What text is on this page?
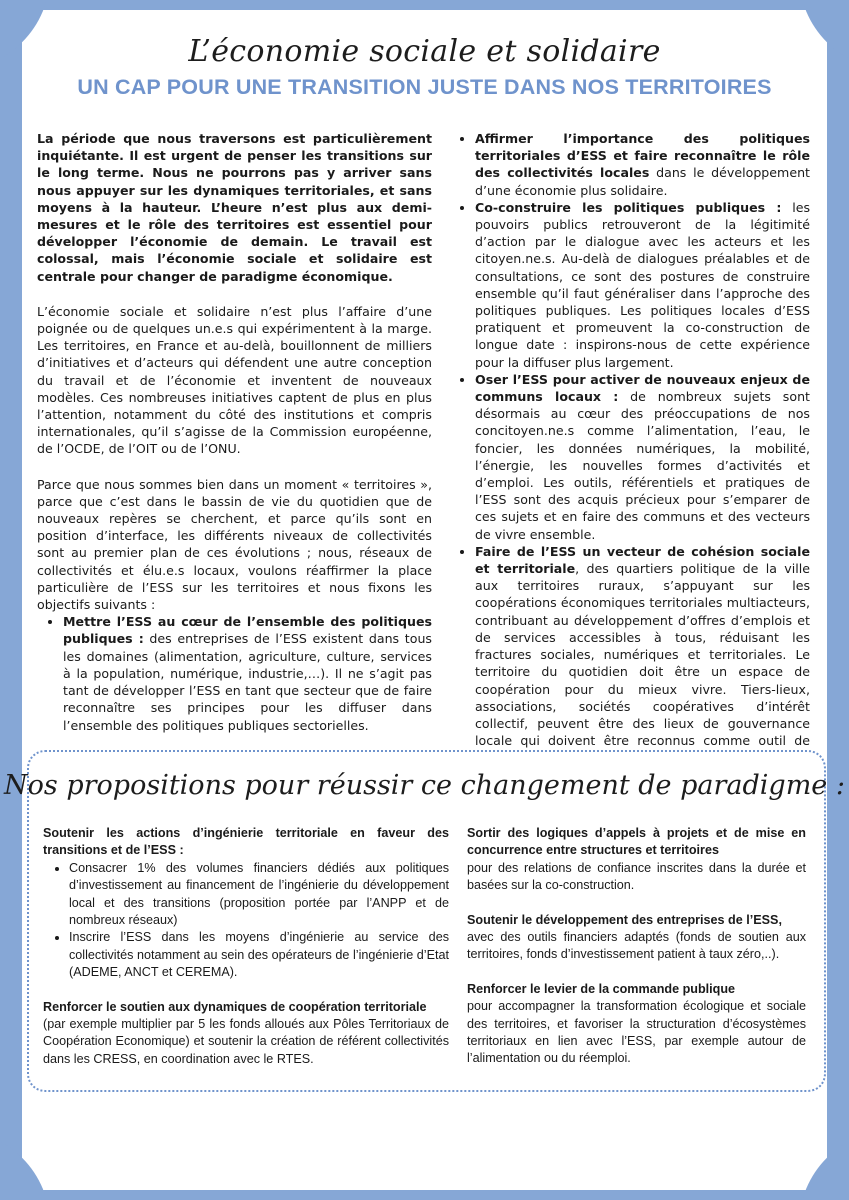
L’économie sociale et solidaire
UN CAP POUR UNE TRANSITION JUSTE DANS NOS TERRITOIRES

La période que nous traversons est particulièrement inquiétante. Il est urgent de penser les transitions sur le long terme. Nous ne pourrons pas y arriver sans nous appuyer sur les dynamiques territoriales, et sans moyens à la hauteur. L’heure n’est plus aux demi-mesures et le rôle des territoires est essentiel pour développer l’économie de demain. Le travail est colossal, mais l’économie sociale et solidaire est centrale pour changer de paradigme économique.

L’économie sociale et solidaire n’est plus l’affaire d’une poignée ou de quelques un.e.s qui expérimentent à la marge. Les territoires, en France et au-delà, bouillonnent de milliers d’initiatives et d’acteurs qui défendent une autre conception du travail et de l’économie et inventent de nouveaux modèles. Ces nombreuses initiatives captent de plus en plus l’attention, notamment du côté des institutions et compris internationales, qu’il s’agisse de la Commission européenne, de l’OCDE, de l’OIT ou de l’ONU.

Parce que nous sommes bien dans un moment « territoires », parce que c’est dans le bassin de vie du quotidien que de nouveaux repères se cherchent, et parce qu’ils sont en position d’interface, les différents niveaux de collectivités sont au premier plan de ces évolutions ; nous, réseaux de collectivités et élu.e.s locaux, voulons réaffirmer la place particulière de l’ESS sur les territoires et nous fixons les objectifs suivants :

• Mettre l’ESS au cœur de l’ensemble des politiques publiques : des entreprises de l’ESS existent dans tous les domaines (alimentation, agriculture, culture, services à la population, numérique, industrie,…). Il ne s’agit pas tant de développer l’ESS en tant que secteur que de faire reconnaître ses principes pour les diffuser dans l’ensemble des politiques publiques sectorielles.
• Affirmer l’importance des politiques territoriales d’ESS et faire reconnaître le rôle des collectivités locales dans le développement d’une économie plus solidaire.
• Co-construire les politiques publiques : les pouvoirs publics retrouveront de la légitimité d’action par le dialogue avec les acteurs et les citoyen.ne.s. Au-delà de dialogues préalables et de consultations, ce sont des postures de construire ensemble qu’il faut généraliser dans l’approche des politiques publiques. Les politiques locales d’ESS pratiquent et promeuvent la co-construction de longue date : inspirons-nous de cette expérience pour la diffuser plus largement.
• Oser l’ESS pour activer de nouveaux enjeux de communs locaux : de nombreux sujets sont désormais au cœur des préoccupations de nos concitoyen.ne.s comme l’alimentation, l’eau, le foncier, les données numériques, la mobilité, l’énergie, les nouvelles formes d’activités et d’emploi. Les outils, référentiels et pratiques de l’ESS sont des acquis précieux pour s’emparer de ces sujets et en faire des communs et des vecteurs de vivre ensemble.
• Faire de l’ESS un vecteur de cohésion sociale et territoriale, des quartiers politique de la ville aux territoires ruraux, s’appuyant sur les coopérations économiques territoriales multiacteurs, contribuant au développement d’offres d’emplois et de services accessibles à tous, réduisant les fractures sociales, numériques et territoriales. Le territoire du quotidien doit être un espace de coopération pour du mieux vivre. Tiers-lieux, associations, sociétés coopératives d’intérêt collectif, peuvent être des lieux de gouvernance locale qui doivent être reconnus comme outil de
Nos propositions pour réussir ce changement de paradigme :

Soutenir les actions d’ingénierie territoriale en faveur des transitions et de l’ESS :

• Consacrer 1% des volumes financiers dédiés aux politiques d’investissement au financement de l’ingénierie du développement local et des transitions (proposition portée par l’ANPP et de nombreux réseaux)
• Inscrire l’ESS dans les moyens d’ingénierie au service des collectivités notamment au sein des opérateurs de l’ingénierie d’Etat (ADEME, ANCT et CEREMA).

Renforcer le soutien aux dynamiques de coopération territoriale

(par exemple multiplier par 5 les fonds alloués aux Pôles Territoriaux de Coopération Economique) et soutenir la création de référent collectivités dans les CRESS, en coordination avec le RTES.

Sortir des logiques d’appels à projets et de mise en concurrence entre structures et territoires

pour des relations de confiance inscrites dans la durée et basées sur la co-construction.

Soutenir le développement des entreprises de l’ESS,

avec des outils financiers adaptés (fonds de soutien aux territoires, fonds d’investissement patient à taux zéro,..).

Renforcer le levier de la commande publique

pour accompagner la transformation écologique et sociale des territoires, et favoriser la structuration d’écosystèmes territoriaux en lien avec l’ESS, par exemple autour de l’alimentation ou du réemploi.
